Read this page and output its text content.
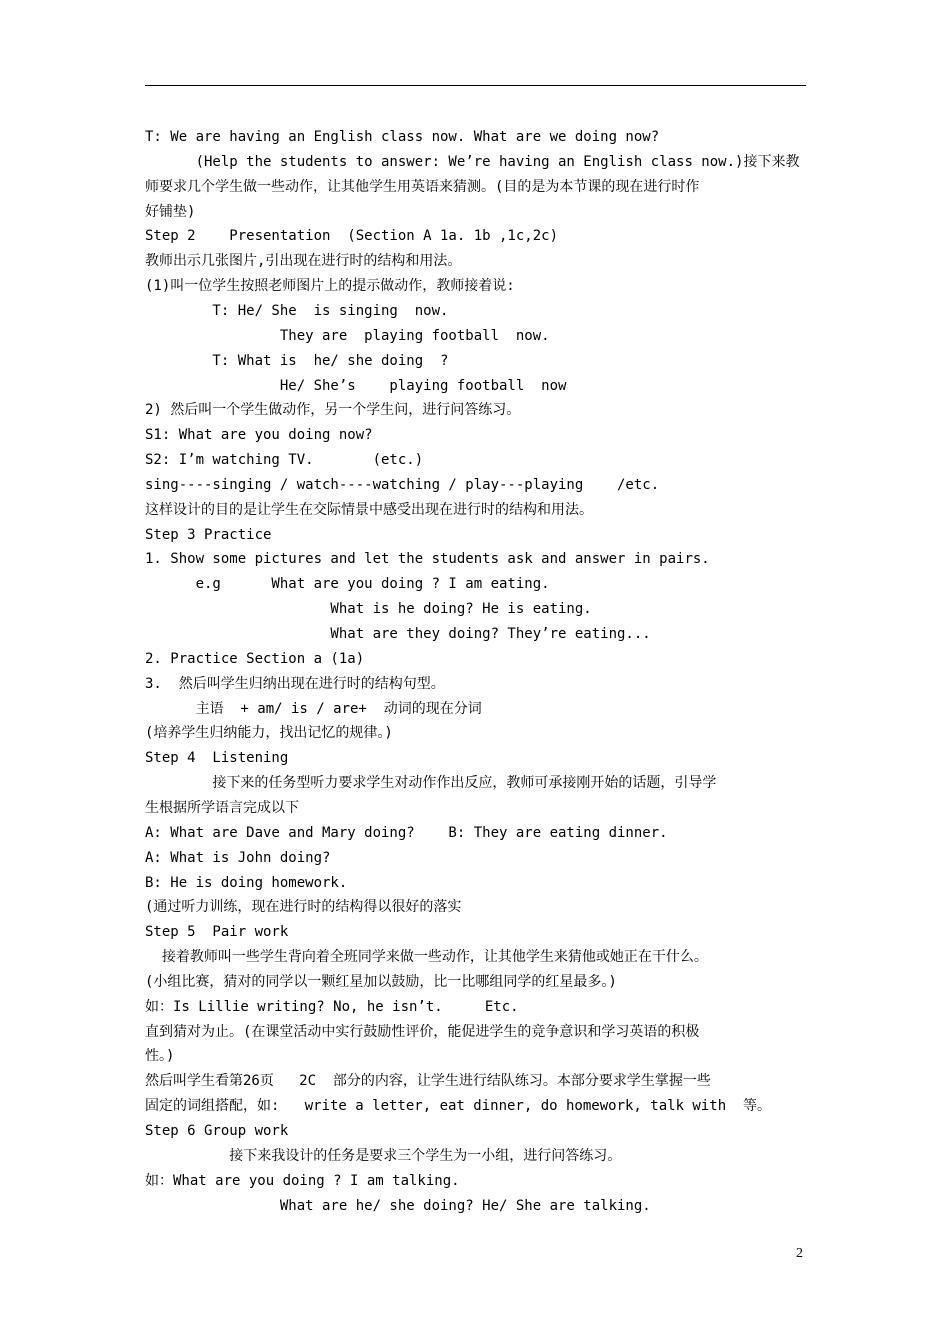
T: We are having an English class now. What are we doing now?
(Help the students to answer: We’re having an English class now.)接下来教
师要求几个学生做一些动作，让其他学生用英语来猜测。(目的是为本节课的现在进行时作
好铺垫)
Step 2    Presentation  (Section A 1a. 1b ,1c,2c)
教师出示几张图片,引出现在进行时的结构和用法。
(1)叫一位学生按照老师图片上的提示做动作，教师接着说:
T: He/ She  is singing  now.
They are  playing football  now.
T: What is  he/ she doing  ?
He/ She’s    playing football  now
2) 然后叫一个学生做动作，另一个学生问，进行问答练习。
S1: What are you doing now?
S2: I’m watching TV.       (etc.)
sing----singing / watch----watching / play---playing    /etc.
这样设计的目的是让学生在交际情景中感受出现在进行时的结构和用法。
Step 3 Practice
1. Show some pictures and let the students ask and answer in pairs.
e.g      What are you doing ? I am eating.
What is he doing? He is eating.
What are they doing? They’re eating...
2. Practice Section a (1a)
3.  然后叫学生归纳出现在进行时的结构句型。
主语  + am/ is / are+  动词的现在分词
(培养学生归纳能力，找出记忆的规律。)
Step 4  Listening
接下来的任务型听力要求学生对动作作出反应，教师可承接刚开始的话题，引导学
生根据所学语言完成以下
A: What are Dave and Mary doing?    B: They are eating dinner.
A: What is John doing?
B: He is doing homework.
(通过听力训练，现在进行时的结构得以很好的落实
Step 5  Pair work
接着教师叫一些学生背向着全班同学来做一些动作，让其他学生来猜他或她正在干什么。
(小组比赛，猜对的同学以一颗红星加以鼓励，比一比哪组同学的红星最多。)
如：Is Lillie writing? No, he isn’t.     Etc.
直到猜对为止。(在课堂活动中实行鼓励性评价，能促进学生的竞争意识和学习英语的积极
性。)
然后叫学生看第26页   2C  部分的内容，让学生进行结队练习。本部分要求学生掌握一些
固定的词组搭配，如:   write a letter, eat dinner, do homework, talk with  等。
Step 6 Group work
接下来我设计的任务是要求三个学生为一小组，进行问答练习。
如：What are you doing ? I am talking.
What are he/ she doing? He/ She are talking.
2
